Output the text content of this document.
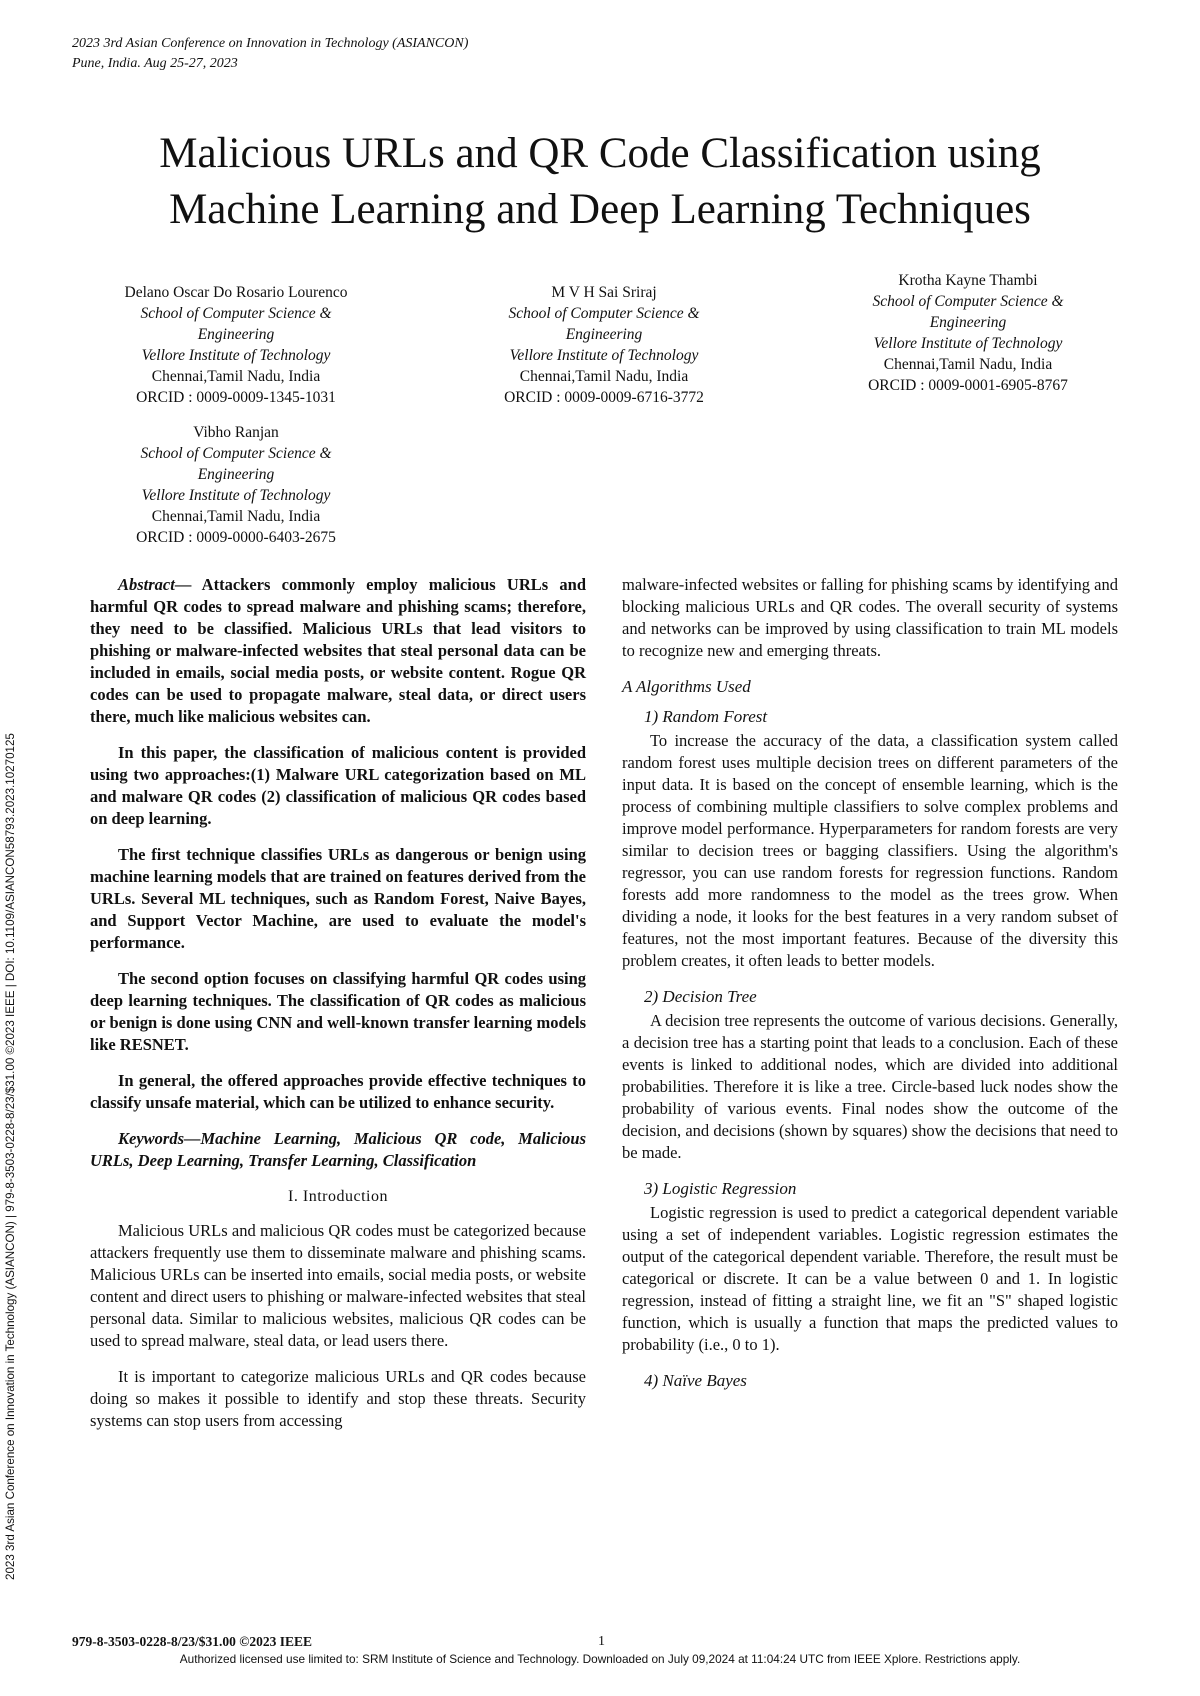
2023 3rd Asian Conference on Innovation in Technology (ASIANCON)
Pune, India. Aug 25-27, 2023
Malicious URLs and QR Code Classification using
Machine Learning and Deep Learning Techniques
Delano Oscar Do Rosario Lourenco
School of Computer Science &
Engineering
Vellore Institute of Technology
Chennai,Tamil Nadu, India
ORCID : 0009-0009-1345-1031
M V H Sai Sriraj
School of Computer Science &
Engineering
Vellore Institute of Technology
Chennai,Tamil Nadu, India
ORCID : 0009-0009-6716-3772
Krotha Kayne Thambi
School of Computer Science &
Engineering
Vellore Institute of Technology
Chennai,Tamil Nadu, India
ORCID : 0009-0001-6905-8767
Vibho Ranjan
School of Computer Science &
Engineering
Vellore Institute of Technology
Chennai,Tamil Nadu, India
ORCID : 0009-0000-6403-2675

Abstract— Attackers commonly employ malicious URLs and harmful QR codes to spread malware and phishing scams; therefore, they need to be classified. Malicious URLs that lead visitors to phishing or malware-infected websites that steal personal data can be included in emails, social media posts, or website content. Rogue QR codes can be used to propagate malware, steal data, or direct users there, much like malicious websites can.

In this paper, the classification of malicious content is provided using two approaches:(1) Malware URL categorization based on ML and malware QR codes (2) classification of malicious QR codes based on deep learning.

The first technique classifies URLs as dangerous or benign using machine learning models that are trained on features derived from the URLs. Several ML techniques, such as Random Forest, Naive Bayes, and Support Vector Machine, are used to evaluate the model's performance.

The second option focuses on classifying harmful QR codes using deep learning techniques. The classification of QR codes as malicious or benign is done using CNN and well-known transfer learning models like RESNET.

In general, the offered approaches provide effective techniques to classify unsafe material, which can be utilized to enhance security.

Keywords—Machine Learning, Malicious QR code, Malicious URLs, Deep Learning, Transfer Learning, Classification

I. Introduction

Malicious URLs and malicious QR codes must be categorized because attackers frequently use them to disseminate malware and phishing scams. Malicious URLs can be inserted into emails, social media posts, or website content and direct users to phishing or malware-infected websites that steal personal data. Similar to malicious websites, malicious QR codes can be used to spread malware, steal data, or lead users there.

It is important to categorize malicious URLs and QR codes because doing so makes it possible to identify and stop these threats. Security systems can stop users from accessing

malware-infected websites or falling for phishing scams by identifying and blocking malicious URLs and QR codes. The overall security of systems and networks can be improved by using classification to train ML models to recognize new and emerging threats.

A Algorithms Used
1) Random Forest

To increase the accuracy of the data, a classification system called random forest uses multiple decision trees on different parameters of the input data. It is based on the concept of ensemble learning, which is the process of combining multiple classifiers to solve complex problems and improve model performance. Hyperparameters for random forests are very similar to decision trees or bagging classifiers. Using the algorithm's regressor, you can use random forests for regression functions. Random forests add more randomness to the model as the trees grow. When dividing a node, it looks for the best features in a very random subset of features, not the most important features. Because of the diversity this problem creates, it often leads to better models.

2) Decision Tree

A decision tree represents the outcome of various decisions. Generally, a decision tree has a starting point that leads to a conclusion. Each of these events is linked to additional nodes, which are divided into additional probabilities. Therefore it is like a tree. Circle-based luck nodes show the probability of various events. Final nodes show the outcome of the decision, and decisions (shown by squares) show the decisions that need to be made.

3) Logistic Regression

Logistic regression is used to predict a categorical dependent variable using a set of independent variables. Logistic regression estimates the output of the categorical dependent variable. Therefore, the result must be categorical or discrete. It can be a value between 0 and 1. In logistic regression, instead of fitting a straight line, we fit an "S" shaped logistic function, which is usually a function that maps the predicted values to probability (i.e., 0 to 1).

4) Naïve Bayes
2023 3rd Asian Conference on Innovation in Technology (ASIANCON) | 979-8-3503-0228-8/23/$31.00 ©2023 IEEE | DOI: 10.1109/ASIANCON58793.2023.10270125
979-8-3503-0228-8/23/$31.00 ©2023 IEEE	1
Authorized licensed use limited to: SRM Institute of Science and Technology. Downloaded on July 09,2024 at 11:04:24 UTC from IEEE Xplore. Restrictions apply.
